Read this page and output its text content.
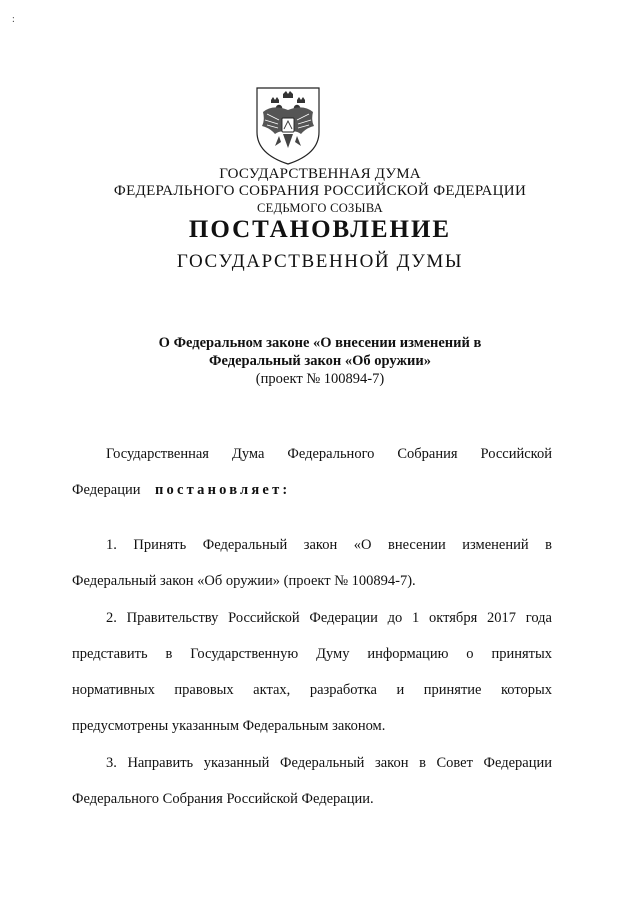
:
ГОСУДАРСТВЕННАЯ ДУМА
ФЕДЕРАЛЬНОГО СОБРАНИЯ РОССИЙСКОЙ ФЕДЕРАЦИИ
СЕДЬМОГО СОЗЫВА
ПОСТАНОВЛЕНИЕ
ГОСУДАРСТВЕННОЙ ДУМЫ
О Федеральном законе «О внесении изменений в
Федеральный закон «Об оружии»
(проект № 100894-7)
Государственная Дума Федерального Собрания Российской
Федерации постановляет:
1. Принять Федеральный закон «О внесении изменений в
Федеральный закон «Об оружии» (проект № 100894-7).
2. Правительству Российской Федерации до 1 октября 2017 года
представить в Государственную Думу информацию о принятых
нормативных правовых актах, разработка и принятие которых
предусмотрены указанным Федеральным законом.
3. Направить указанный Федеральный закон в Совет Федерации
Федерального Собрания Российской Федерации.
